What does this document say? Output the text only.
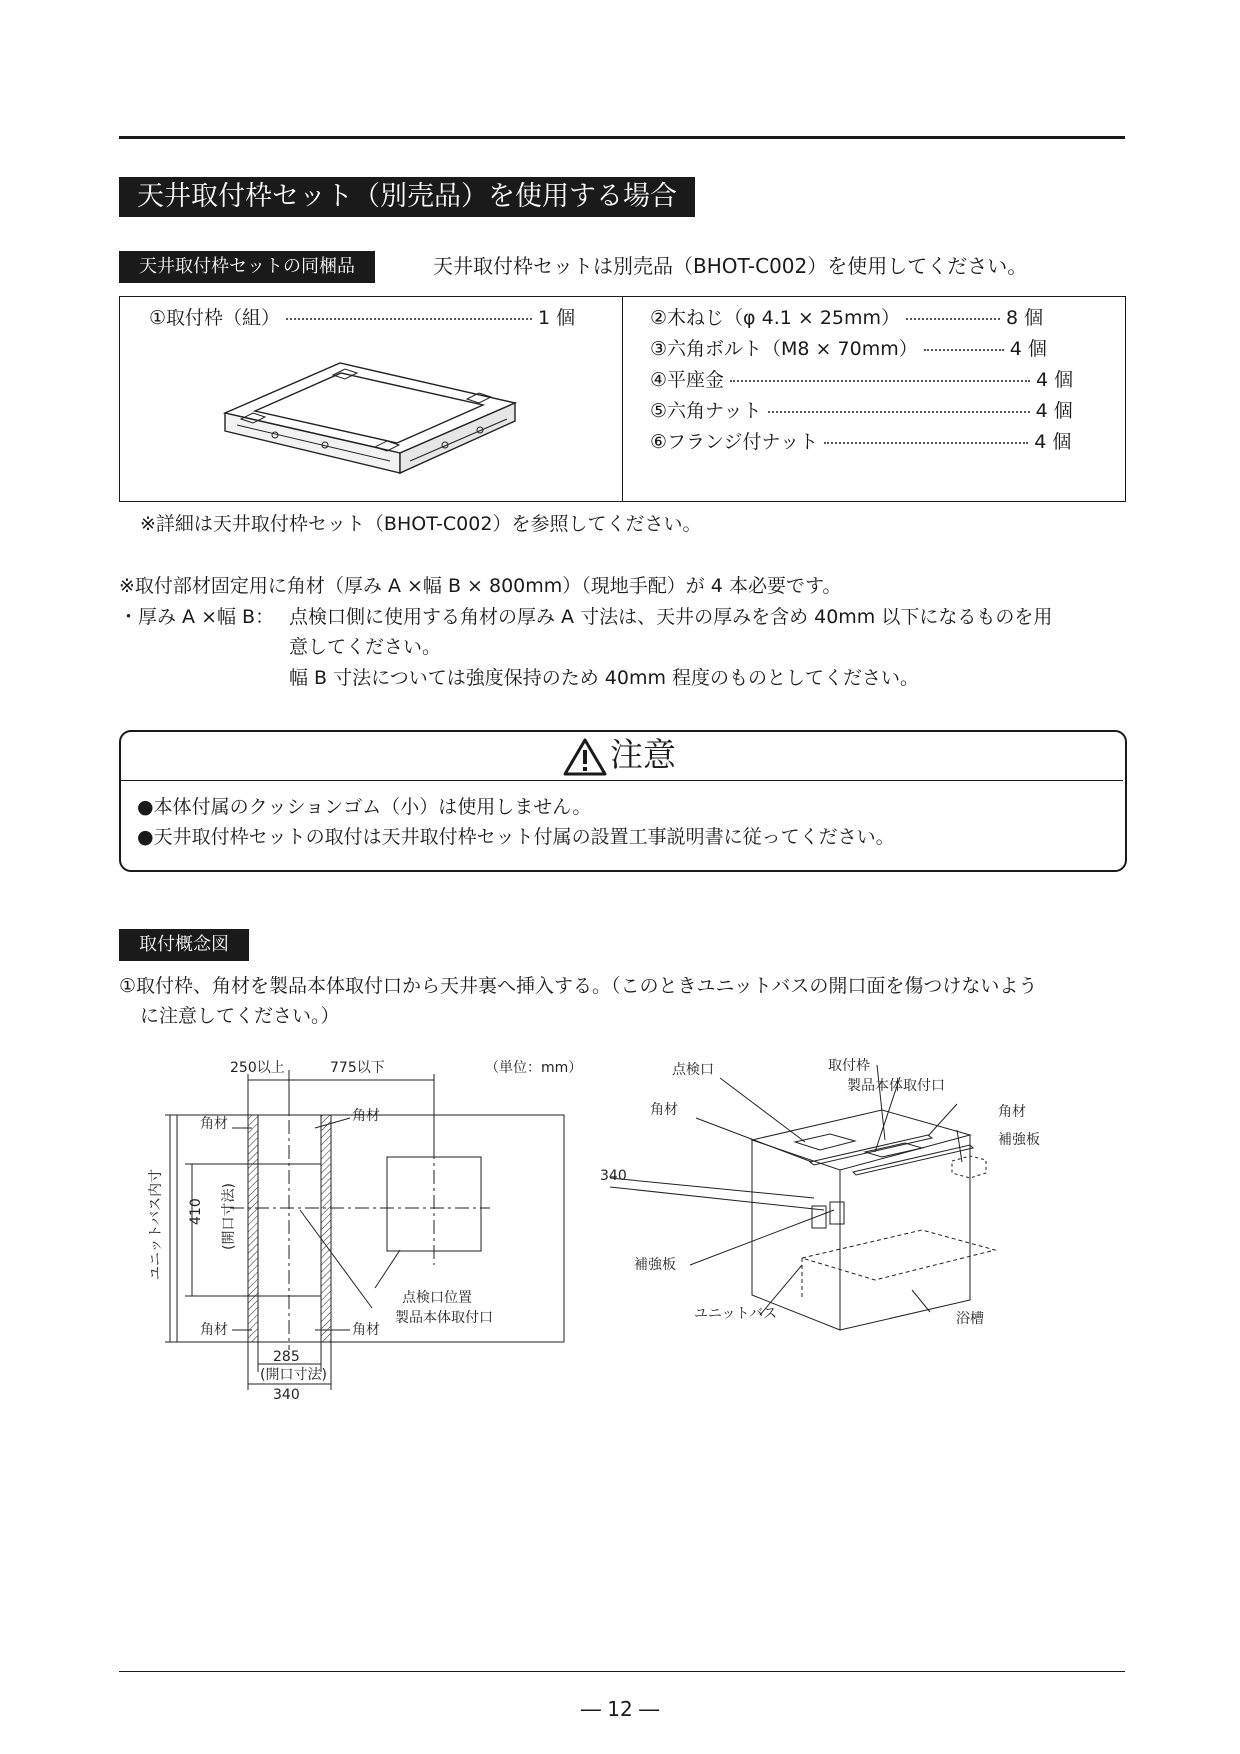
天井取付枠セット（別売品）を使用する場合
天井取付枠セットの同梱品	天井取付枠セットは別売品（BHOT-C002）を使用してください。
①取付枠（組）	1 個	②木ねじ（φ 4.1 × 25mm）	8 個
③六角ボルト（M8 × 70mm）	4 個
④平座金	4 個
⑤六角ナット	4 個
⑥フランジ付ナット	4 個
※詳細は天井取付枠セット（BHOT-C002）を参照してください。
※取付部材固定用に角材（厚み A ×幅 B × 800mm）（現地手配）が 4 本必要です。
・厚み A ×幅 B： 点検口側に使用する角材の厚み A 寸法は、天井の厚みを含め 40mm 以下になるものを用
意してください。
幅 B 寸法については強度保持のため 40mm 程度のものとしてください。
注意
●本体付属のクッションゴム（小）は使用しません。
●天井取付枠セットの取付は天井取付枠セット付属の設置工事説明書に従ってください。
取付概念図
①取付枠、角材を製品本体取付口から天井裏へ挿入する。（このときユニットバスの開口面を傷つけないよう
に注意してください。）
250以上	775以下	（単位：mm）
角材	角材
角材	角材
ユニットバス内寸 410 (開口寸法)
285
(開口寸法)
340
点検口位置
製品本体取付口
取付枠
点検口
製品本体取付口
角材	角材
補強板
340
補強板
ユニットバス	浴槽
― 12 ―
